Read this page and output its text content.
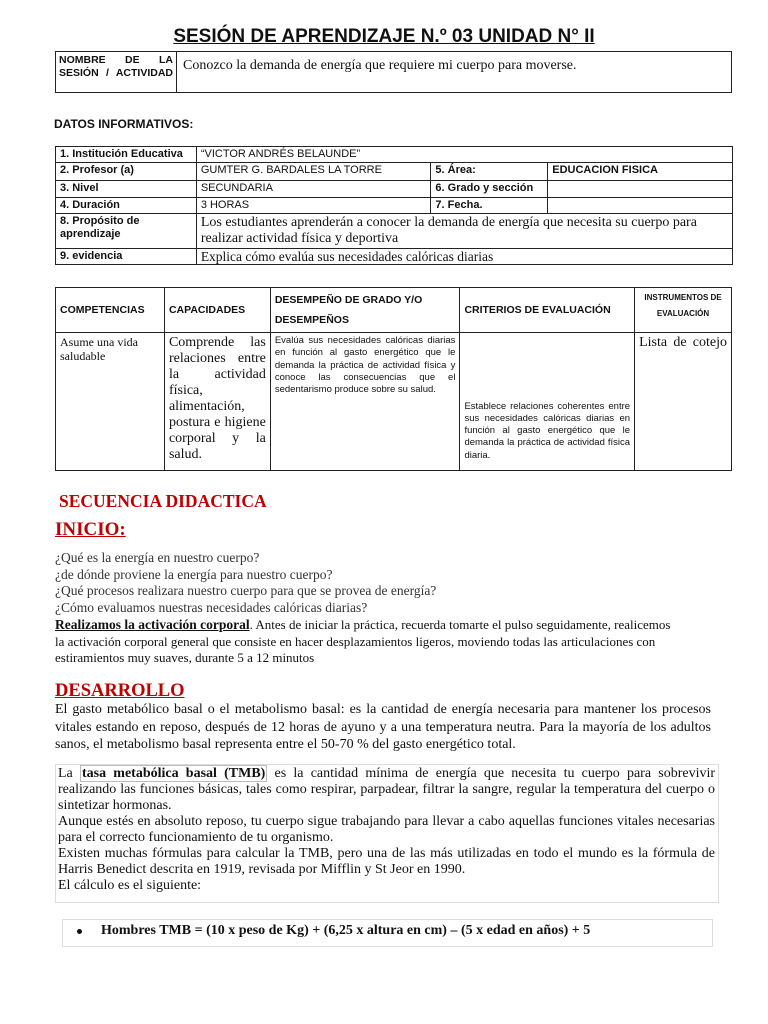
SESIÓN DE APRENDIZAJE N.º 03 UNIDAD N° II
NOMBRE DE LA SESIÓN / ACTIVIDAD	Conozco la demanda de energía que requiere mi cuerpo para moverse.
DATOS INFORMATIVOS:
1. Institución Educativa	“VICTOR ANDRÉS BELAUNDE”		
2. Profesor (a)	GUMTER G. BARDALES LA TORRE	5. Área:	EDUCACION FISICA
3. Nivel	SECUNDARIA	6. Grado y sección	
4. Duración	3 HORAS	7. Fecha.	
8. Propósito de aprendizaje	Los estudiantes aprenderán a conocer la demanda de energía que necesita su cuerpo para realizar actividad física y deportiva		
9. evidencia	Explica cómo evalúa sus necesidades calóricas diarias		
COMPETENCIAS	CAPACIDADES	DESEMPEÑO DE GRADO Y/O DESEMPEÑOS	CRITERIOS DE EVALUACIÓN	INSTRUMENTOS DE EVALUACIÓN
Asume una vida saludable	Comprende las relaciones entre la actividad física, alimentación, postura e higiene corporal y la salud.	Evalúa sus necesidades calóricas diarias en función al gasto energético que le demanda la práctica de actividad física y conoce las consecuencias que el sedentarismo produce sobre su salud.	Establece relaciones coherentes entre sus necesidades calóricas diarias en función al gasto energético que le demanda la práctica de actividad física diaria.	Lista de cotejo
SECUENCIA DIDACTICA
INICIO:
¿Qué es la energía en nuestro cuerpo?
¿de dónde proviene la energía para nuestro cuerpo?
¿Qué procesos realizara nuestro cuerpo para que se provea de energía?
¿Cómo evaluamos nuestras necesidades calóricas diarias?
Realizamos la activación corporal. Antes de iniciar la práctica, recuerda tomarte el pulso seguidamente, realicemos la activación corporal general que consiste en hacer desplazamientos ligeros, moviendo todas las articulaciones con estiramientos muy suaves, durante 5 a 12 minutos
DESARROLLO
El gasto metabólico basal o el metabolismo basal: es la cantidad de energía necesaria para mantener los procesos vitales estando en reposo, después de 12 horas de ayuno y a una temperatura neutra. Para la mayoría de los adultos sanos, el metabolismo basal representa entre el 50-70 % del gasto energético total.
La tasa metabólica basal (TMB) es la cantidad mínima de energía que necesita tu cuerpo para sobrevivir realizando las funciones básicas, tales como respirar, parpadear, filtrar la sangre, regular la temperatura del cuerpo o sintetizar hormonas.
Aunque estés en absoluto reposo, tu cuerpo sigue trabajando para llevar a cabo aquellas funciones vitales necesarias para el correcto funcionamiento de tu organismo.
Existen muchas fórmulas para calcular la TMB, pero una de las más utilizadas en todo el mundo es la fórmula de Harris Benedict descrita en 1919, revisada por Mifflin y St Jeor en 1990.
El cálculo es el siguiente:
Hombres TMB = (10 x peso de Kg) + (6,25 x altura en cm) – (5 x edad en años) + 5
